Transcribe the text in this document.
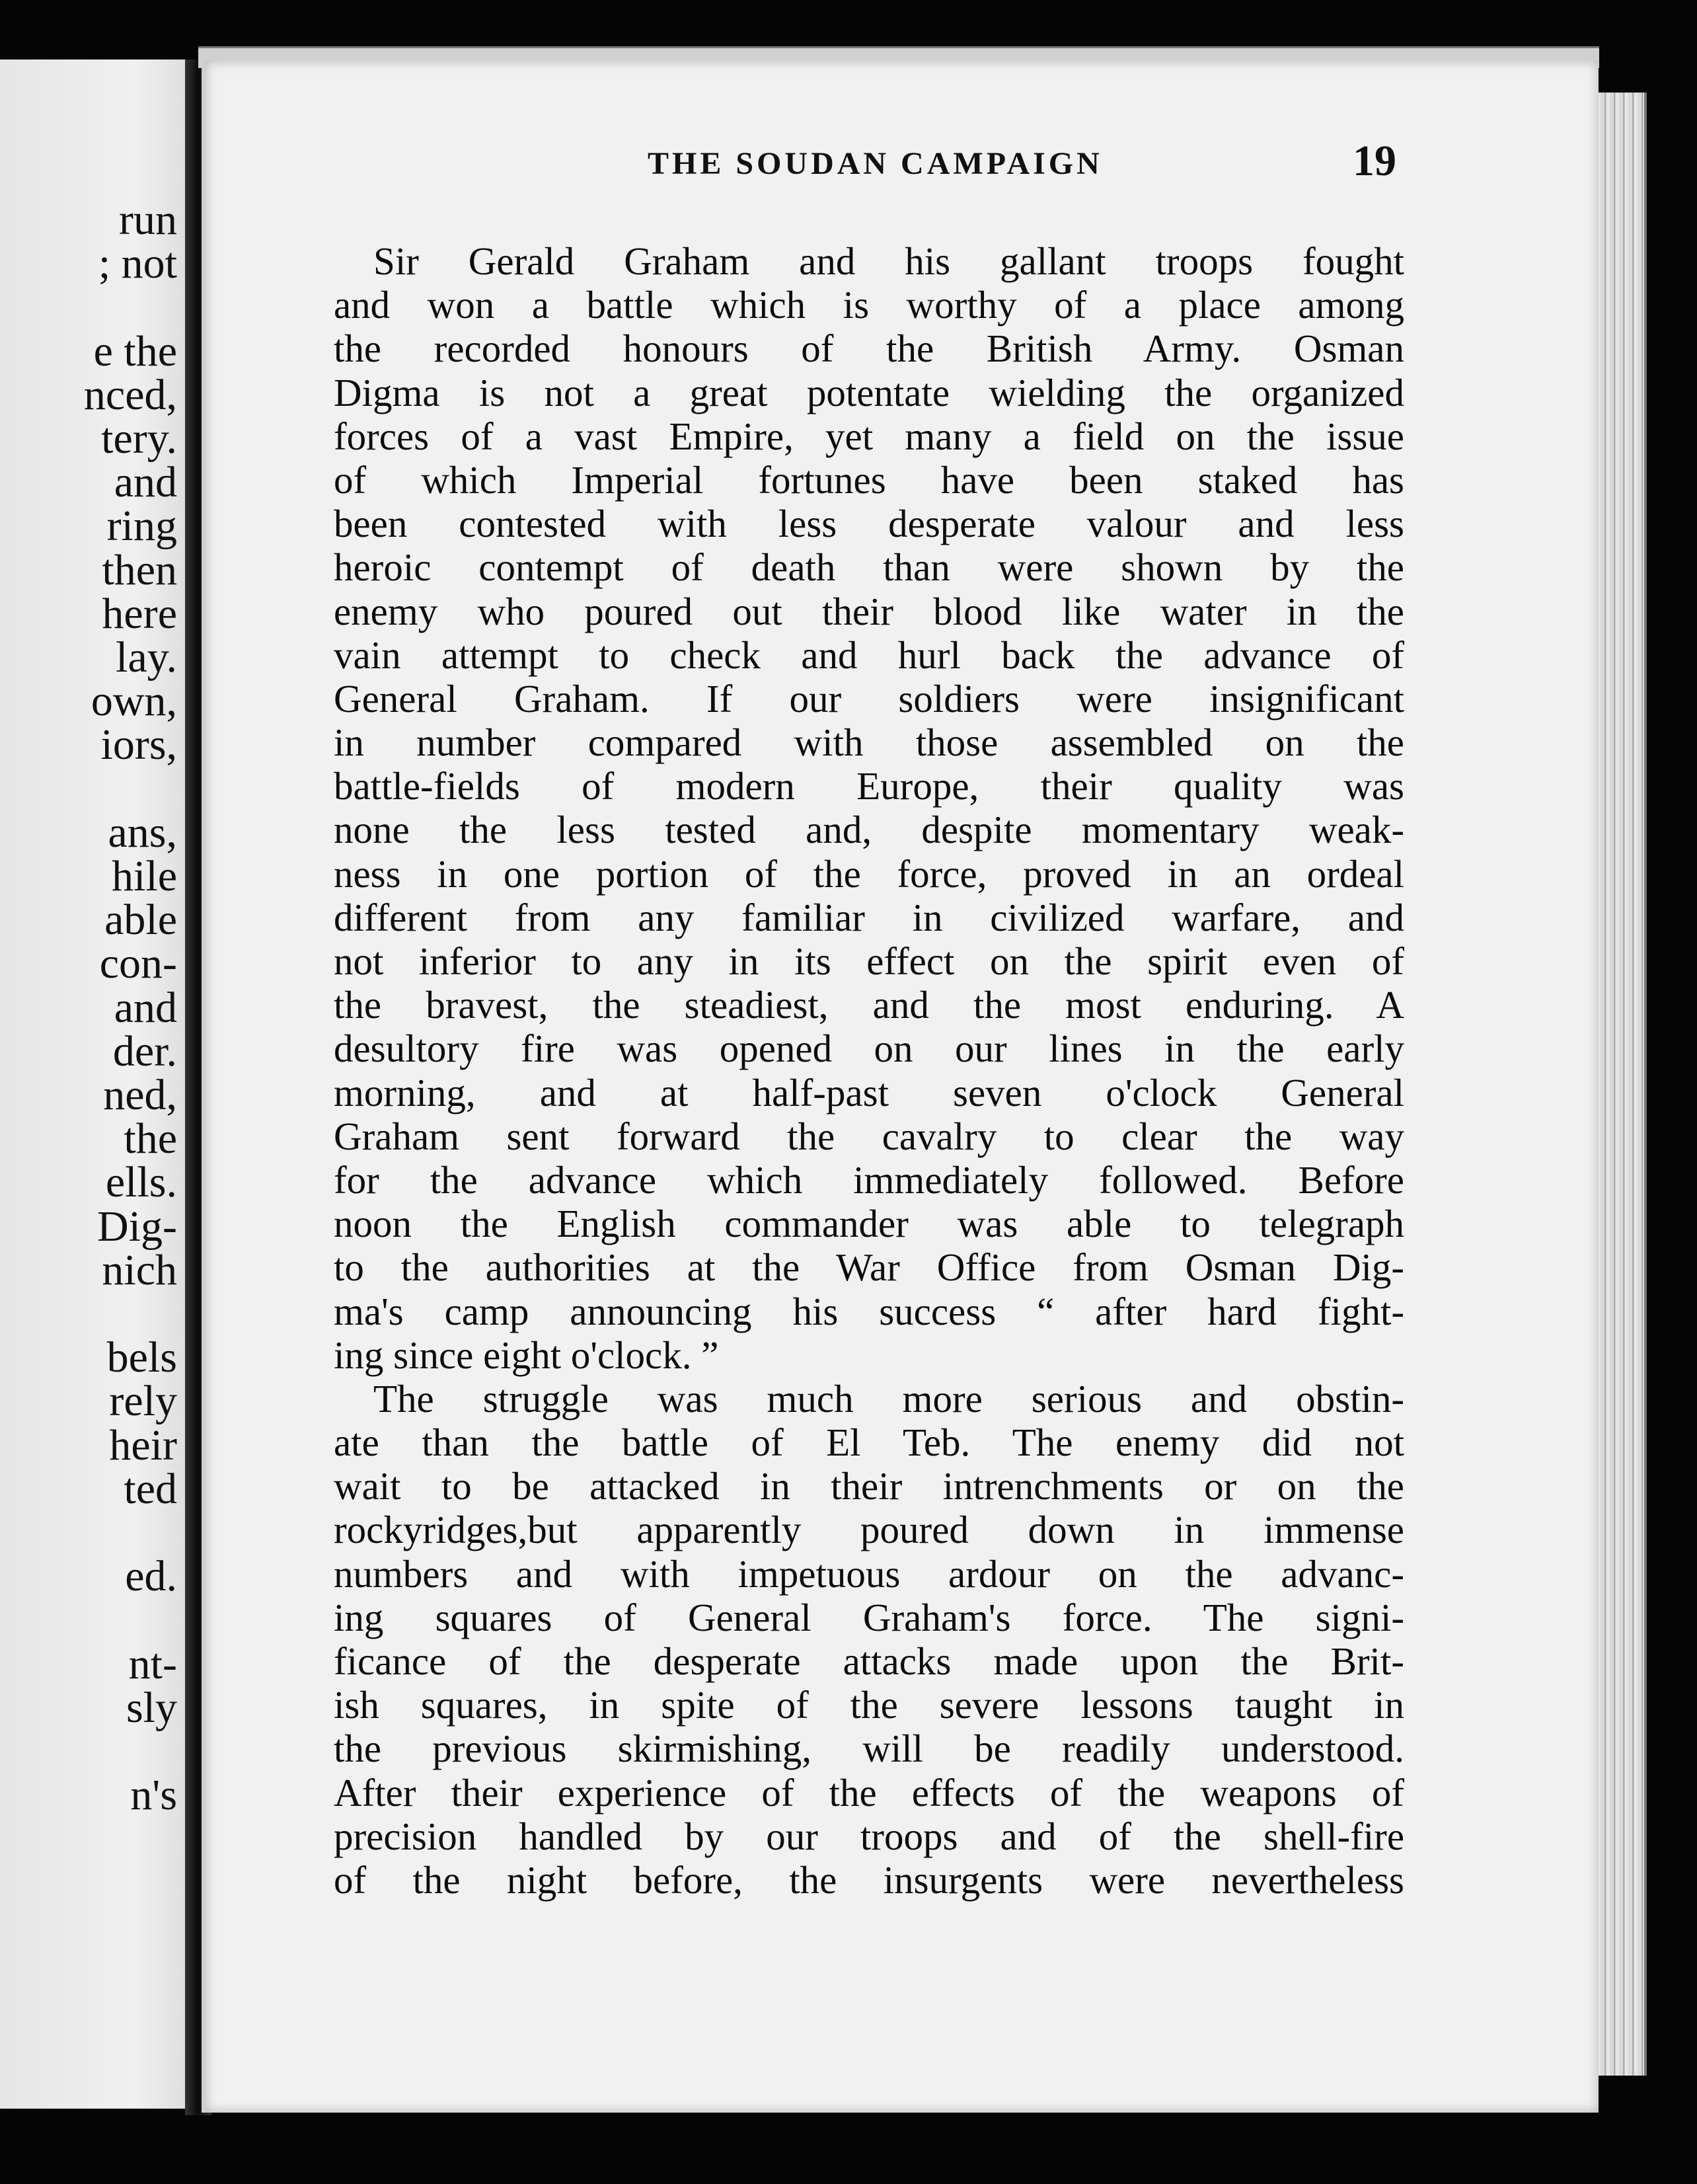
run
; not
e the
nced,
tery.
and
ring
then
here
lay.
own,
iors,
ans,
hile
able
con-
and
der.
ned,
the
ells.
Dig-
nich
bels
rely
heir
ted
ed.
nt-
sly
n's
THE SOUDAN CAMPAIGN	19
Sir Gerald Graham and his gallant troops fought
and won a battle which is worthy of a place among
the recorded honours of the British Army. Osman
Digma is not a great potentate wielding the organized
forces of a vast Empire, yet many a field on the issue
of which Imperial fortunes have been staked has
been contested with less desperate valour and less
heroic contempt of death than were shown by the
enemy who poured out their blood like water in the
vain attempt to check and hurl back the advance of
General Graham. If our soldiers were insignificant
in number compared with those assembled on the
battle-fields of modern Europe, their quality was
none the less tested and, despite momentary weak-
ness in one portion of the force, proved in an ordeal
different from any familiar in civilized warfare, and
not inferior to any in its effect on the spirit even of
the bravest, the steadiest, and the most enduring. A
desultory fire was opened on our lines in the early
morning, and at half-past seven o'clock General
Graham sent forward the cavalry to clear the way
for the advance which immediately followed. Before
noon the English commander was able to telegraph
to the authorities at the War Office from Osman Dig-
ma's camp announcing his success “ after hard fight-
ing since eight o'clock. ”
The struggle was much more serious and obstin-
ate than the battle of El Teb. The enemy did not
wait to be attacked in their intrenchments or on the
rockyridges,but apparently poured down in immense
numbers and with impetuous ardour on the advanc-
ing squares of General Graham's force. The signi-
ficance of the desperate attacks made upon the Brit-
ish squares, in spite of the severe lessons taught in
the previous skirmishing, will be readily understood.
After their experience of the effects of the weapons of
precision handled by our troops and of the shell-fire
of the night before, the insurgents were nevertheless
